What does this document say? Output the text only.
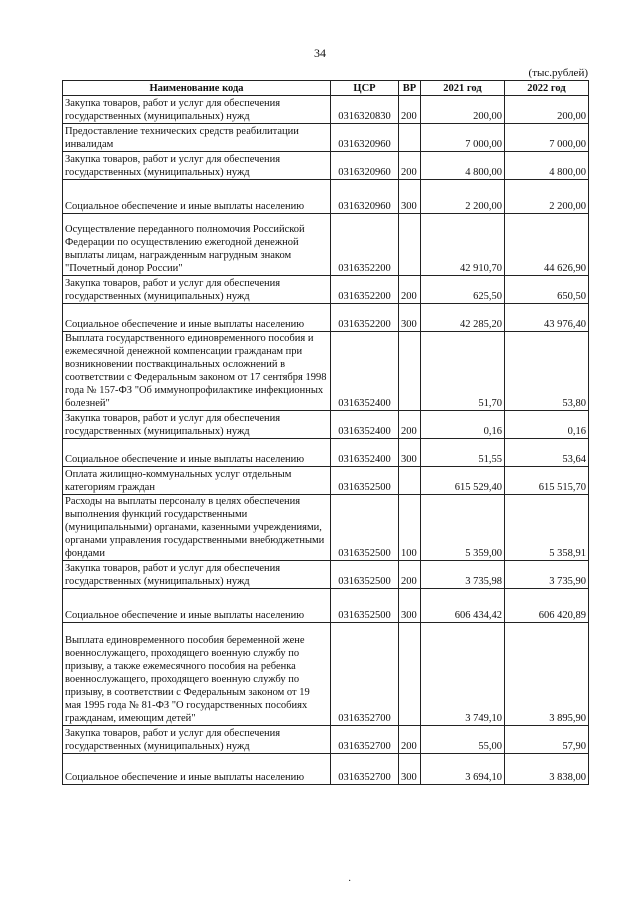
34
(тыс.рублей)
Наименование кода	ЦСР	ВР	2021 год	2022 год
Закупка товаров, работ и услуг для обеспечения государственных (муниципальных) нужд	0316320830	200	200,00	200,00
Предоставление технических средств реабилитации инвалидам	0316320960		7 000,00	7 000,00
Закупка товаров, работ и услуг для обеспечения государственных (муниципальных) нужд	0316320960	200	4 800,00	4 800,00
Социальное обеспечение и иные выплаты населению	0316320960	300	2 200,00	2 200,00
Осуществление переданного полномочия Российской Федерации по осуществлению ежегодной денежной выплаты лицам, награжденным нагрудным знаком "Почетный донор России"	0316352200		42 910,70	44 626,90
Закупка товаров, работ и услуг для обеспечения государственных (муниципальных) нужд	0316352200	200	625,50	650,50
Социальное обеспечение и иные выплаты населению	0316352200	300	42 285,20	43 976,40
Выплата государственного единовременного пособия и ежемесячной денежной компенсации гражданам при возникновении поствакцинальных осложнений в соответствии с Федеральным законом от 17 сентября 1998 года № 157-ФЗ "Об иммунопрофилактике инфекционных болезней"	0316352400		51,70	53,80
Закупка товаров, работ и услуг для обеспечения государственных (муниципальных) нужд	0316352400	200	0,16	0,16
Социальное обеспечение и иные выплаты населению	0316352400	300	51,55	53,64
Оплата жилищно-коммунальных услуг отдельным категориям граждан	0316352500		615 529,40	615 515,70
Расходы на выплаты персоналу в целях обеспечения выполнения функций государственными (муниципальными) органами, казенными учреждениями, органами управления государственными внебюджетными фондами	0316352500	100	5 359,00	5 358,91
Закупка товаров, работ и услуг для обеспечения государственных (муниципальных) нужд	0316352500	200	3 735,98	3 735,90
Социальное обеспечение и иные выплаты населению	0316352500	300	606 434,42	606 420,89
Выплата единовременного пособия беременной жене военнослужащего, проходящего военную службу по призыву, а также ежемесячного пособия на ребенка военнослужащего, проходящего военную службу по призыву, в соответствии с Федеральным законом от 19 мая 1995 года № 81-ФЗ "О государственных пособиях гражданам, имеющим детей"	0316352700		3 749,10	3 895,90
Закупка товаров, работ и услуг для обеспечения государственных (муниципальных) нужд	0316352700	200	55,00	57,90
Социальное обеспечение и иные выплаты населению	0316352700	300	3 694,10	3 838,00
·
